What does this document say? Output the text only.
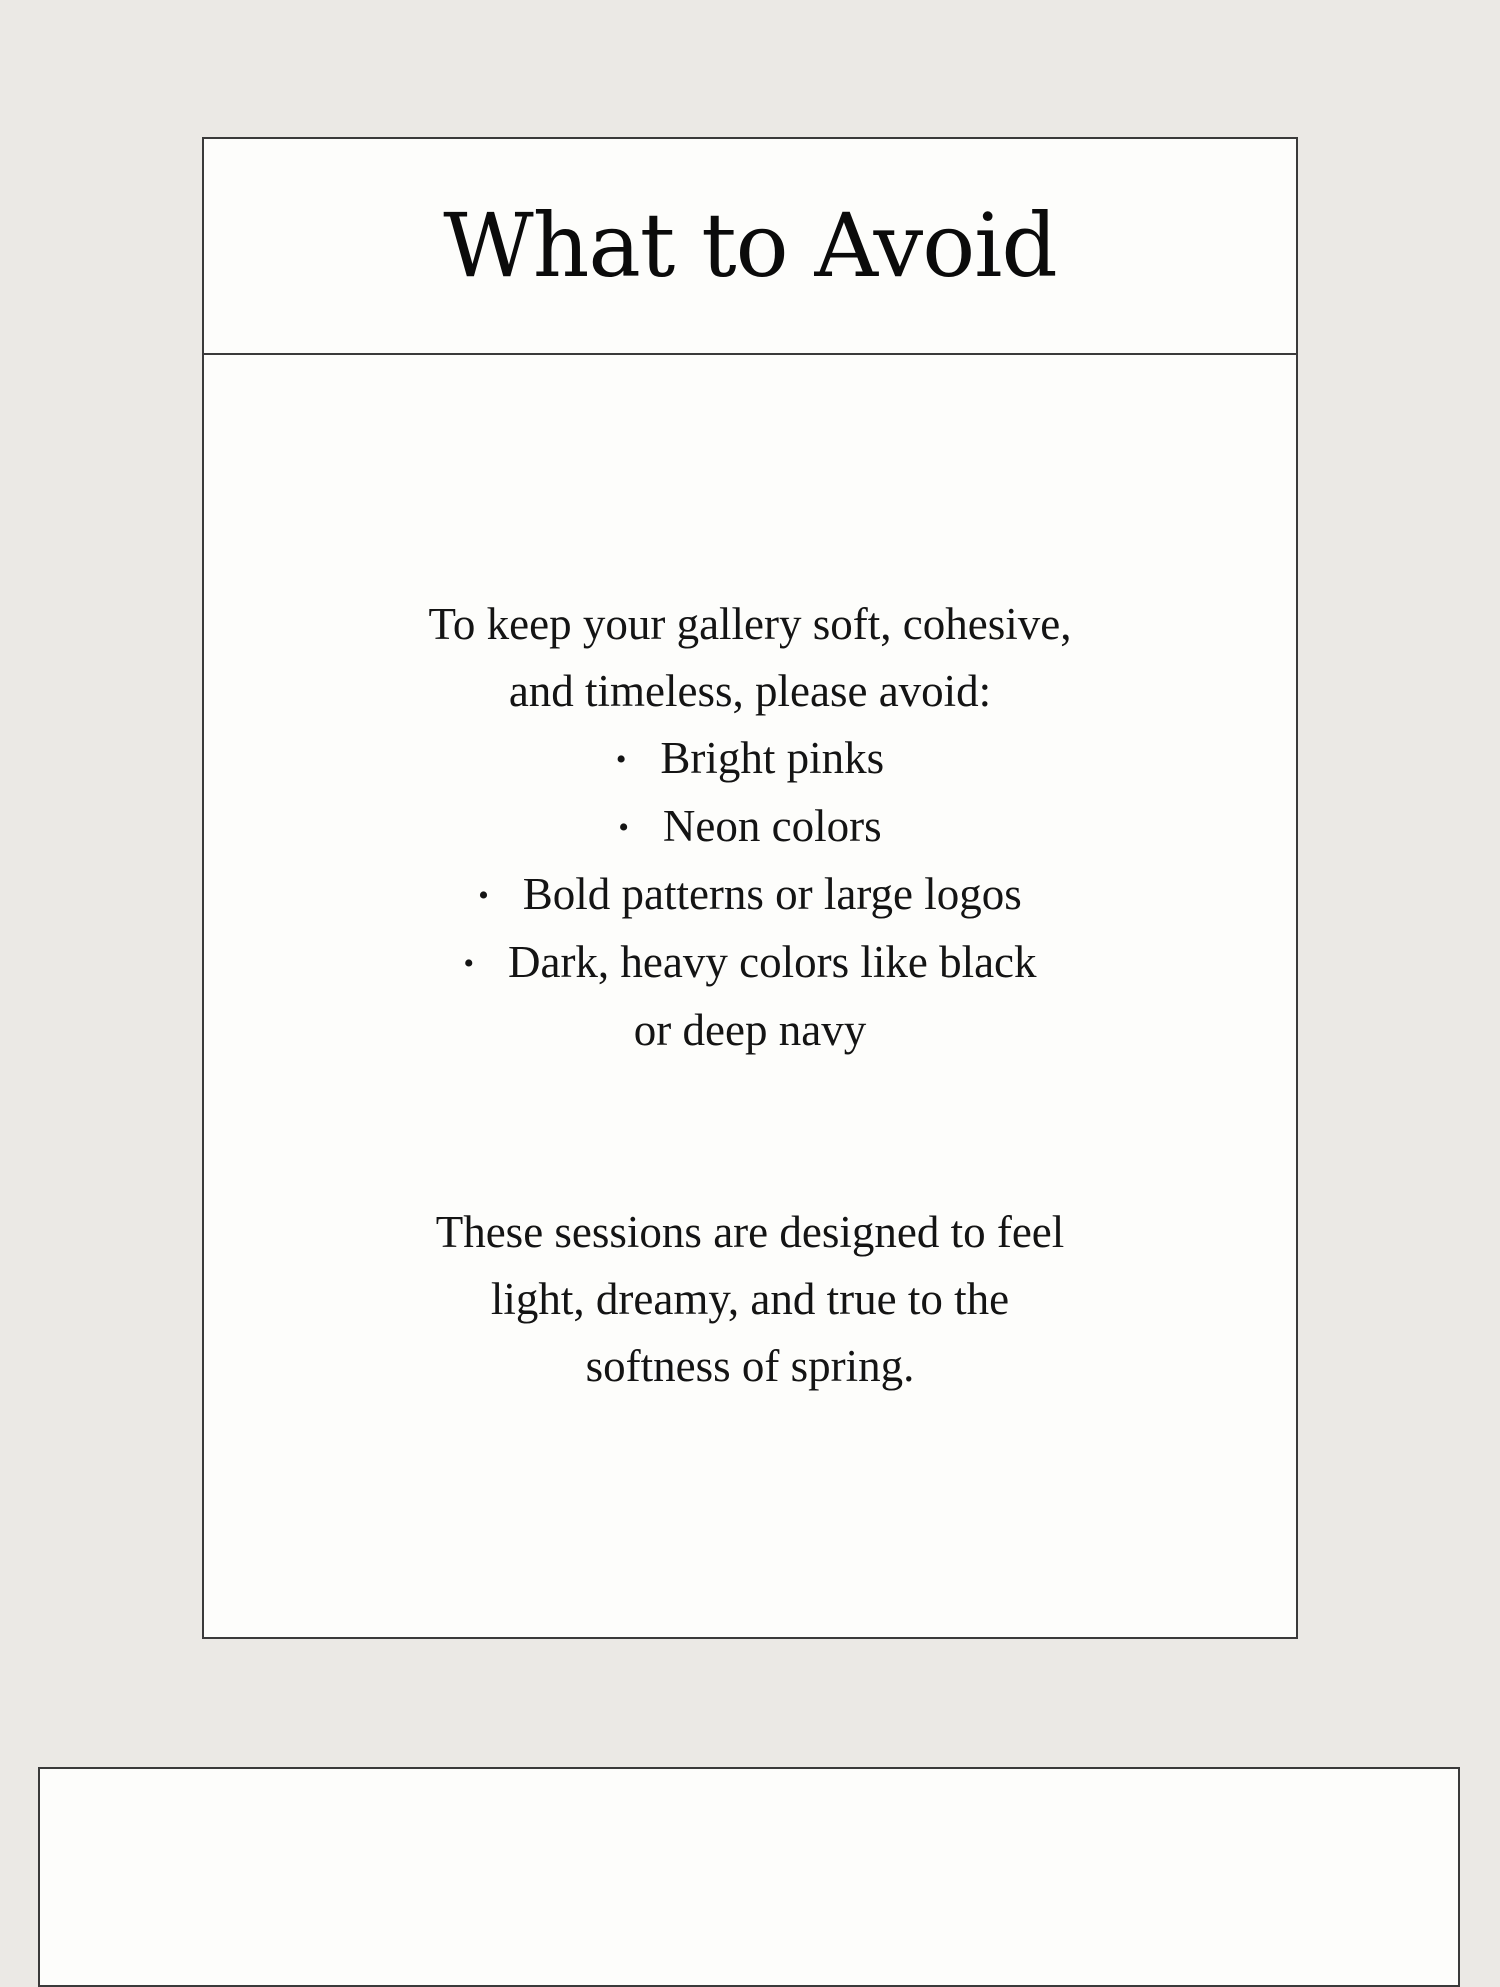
What to Avoid

To keep your gallery soft, cohesive,

and timeless, please avoid:

• Bright pinks
• Neon colors
• Bold patterns or large logos
• Dark, heavy colors like black
or deep navy

These sessions are designed to feel

light, dreamy, and true to the

softness of spring.
